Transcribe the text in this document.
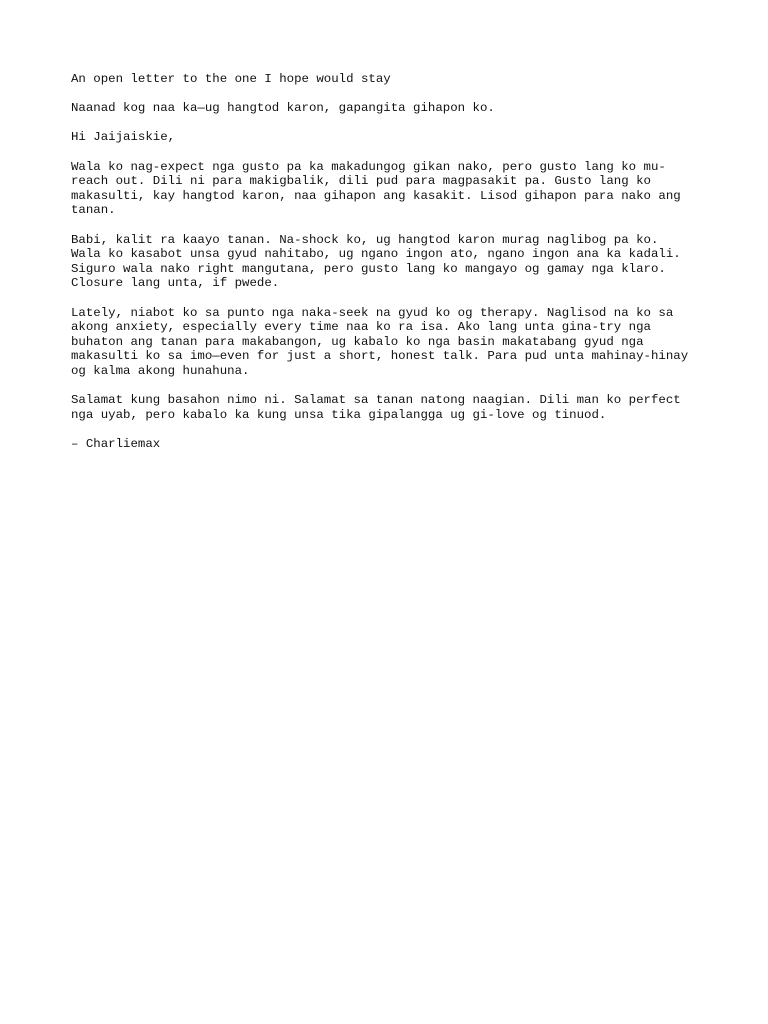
An open letter to the one I hope would stay

Naanad kog naa ka—ug hangtod karon, gapangita gihapon ko.

Hi Jaijaiskie,

Wala ko nag-expect nga gusto pa ka makadungog gikan nako, pero gusto lang ko mu-
reach out. Dili ni para makigbalik, dili pud para magpasakit pa. Gusto lang ko
makasulti, kay hangtod karon, naa gihapon ang kasakit. Lisod gihapon para nako ang
tanan.

Babi, kalit ra kaayo tanan. Na-shock ko, ug hangtod karon murag naglibog pa ko.
Wala ko kasabot unsa gyud nahitabo, ug ngano ingon ato, ngano ingon ana ka kadali.
Siguro wala nako right mangutana, pero gusto lang ko mangayo og gamay nga klaro.
Closure lang unta, if pwede.

Lately, niabot ko sa punto nga naka-seek na gyud ko og therapy. Naglisod na ko sa
akong anxiety, especially every time naa ko ra isa. Ako lang unta gina-try nga
buhaton ang tanan para makabangon, ug kabalo ko nga basin makatabang gyud nga
makasulti ko sa imo—even for just a short, honest talk. Para pud unta mahinay-hinay
og kalma akong hunahuna.

Salamat kung basahon nimo ni. Salamat sa tanan natong naagian. Dili man ko perfect
nga uyab, pero kabalo ka kung unsa tika gipalangga ug gi-love og tinuod.

– Charliemax
